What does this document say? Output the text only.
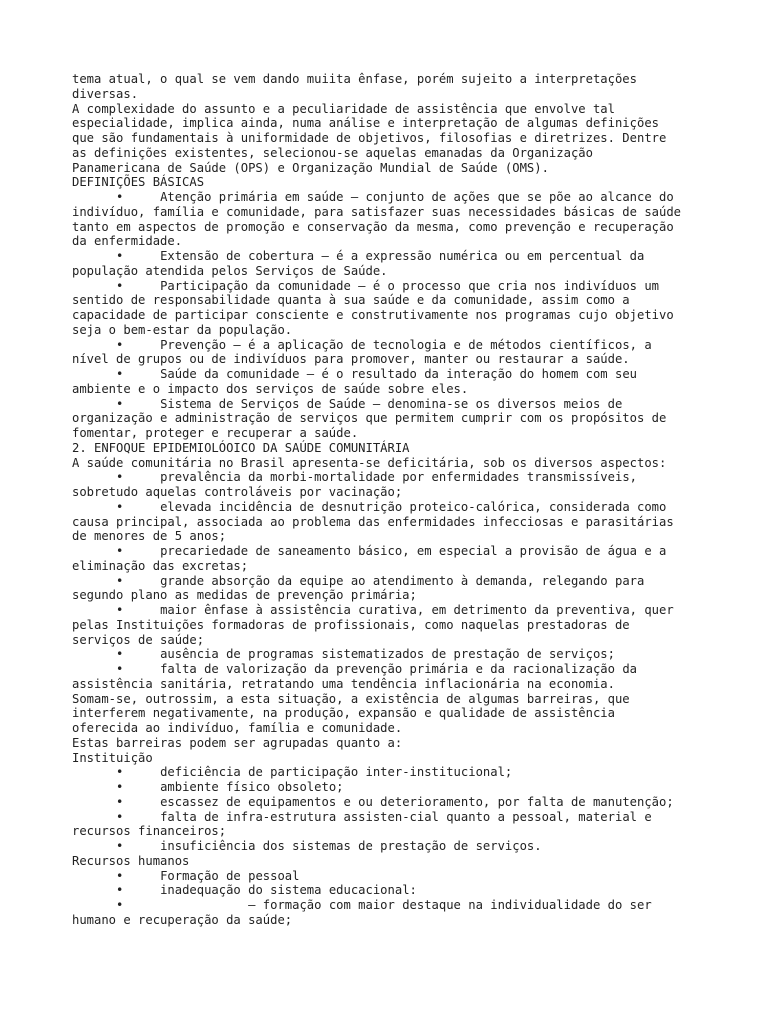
tema atual, o qual se vem dando muiita ênfase, porém sujeito a interpretações
diversas.
A complexidade do assunto e a peculiaridade de assistência que envolve tal
especialidade, implica ainda, numa análise e interpretação de algumas definições
que são fundamentais à uniformidade de objetivos, filosofias e diretrizes. Dentre
as definições existentes, selecionou-se aquelas emanadas da Organização
Panamericana de Saúde (OPS) e Organização Mundial de Saúde (OMS).
DEFINIÇÕES BÁSICAS
	•	Atenção primária em saúde — conjunto de ações que se põe ao alcance do
indivíduo, família e comunidade, para satisfazer suas necessidades básicas de saúde
tanto em aspectos de promoção e conservação da mesma, como prevenção e recuperação
da enfermidade.
	•	Extensão de cobertura — é a expressão numérica ou em percentual da
população atendida pelos Serviços de Saúde.
	•	Participação da comunidade — é o processo que cria nos indivíduos um
sentido de responsabilidade quanta à sua saúde e da comunidade, assim como a
capacidade de participar consciente e construtivamente nos programas cujo objetivo
seja o bem-estar da população.
	•	Prevenção — é a aplicação de tecnologia e de métodos científicos, a
nível de grupos ou de indivíduos para promover, manter ou restaurar a saúde.
	•	Saúde da comunidade — é o resultado da interação do homem com seu
ambiente e o impacto dos serviços de saúde sobre eles.
	•	Sistema de Serviços de Saúde — denomina-se os diversos meios de
organização e administração de serviços que permitem cumprir com os propósitos de
fomentar, proteger e recuperar a saúde.
2. ENFOQUE EPIDEMIOLÓOICO DA SAÚDE COMUNITÁRIA
A saúde comunitária no Brasil apresenta-se deficitária, sob os diversos aspectos:
	•	prevalência da morbi-mortalidade por enfermidades transmissíveis,
sobretudo aquelas controláveis por vacinação;
	•	elevada incidência de desnutrição proteico-calórica, considerada como
causa principal, associada ao problema das enfermidades infecciosas e parasitárias
de menores de 5 anos;
	•	precariedade de saneamento básico, em especial a provisão de água e a
eliminação das excretas;
	•	grande absorção da equipe ao atendimento à demanda, relegando para
segundo plano as medidas de prevenção primária;
	•	maior ênfase à assistência curativa, em detrimento da preventiva, quer
pelas Instituições formadoras de profissionais, como naquelas prestadoras de
serviços de saúde;
	•	ausência de programas sistematizados de prestação de serviços;
	•	falta de valorização da prevenção primária e da racionalização da
assistência sanitária, retratando uma tendência inflacionária na economia.
Somam-se, outrossim, a esta situação, a existência de algumas barreiras, que
interferem negativamente, na produção, expansão e qualidade de assistência
oferecida ao indivíduo, família e comunidade.
Estas barreiras podem ser agrupadas quanto a:
Instituição
	•	deficiência de participação inter-institucional;
	•	ambiente físico obsoleto;
	•	escassez de equipamentos e ou deterioramento, por falta de manutenção;
	•	falta de infra-estrutura assisten-cial quanto a pessoal, material e
recursos financeiros;
	•	insuficiência dos sistemas de prestação de serviços.
Recursos humanos
	•	Formação de pessoal
	•	inadequação do sistema educacional:
	•			— formação com maior destaque na individualidade do ser
humano e recuperação da saúde;
